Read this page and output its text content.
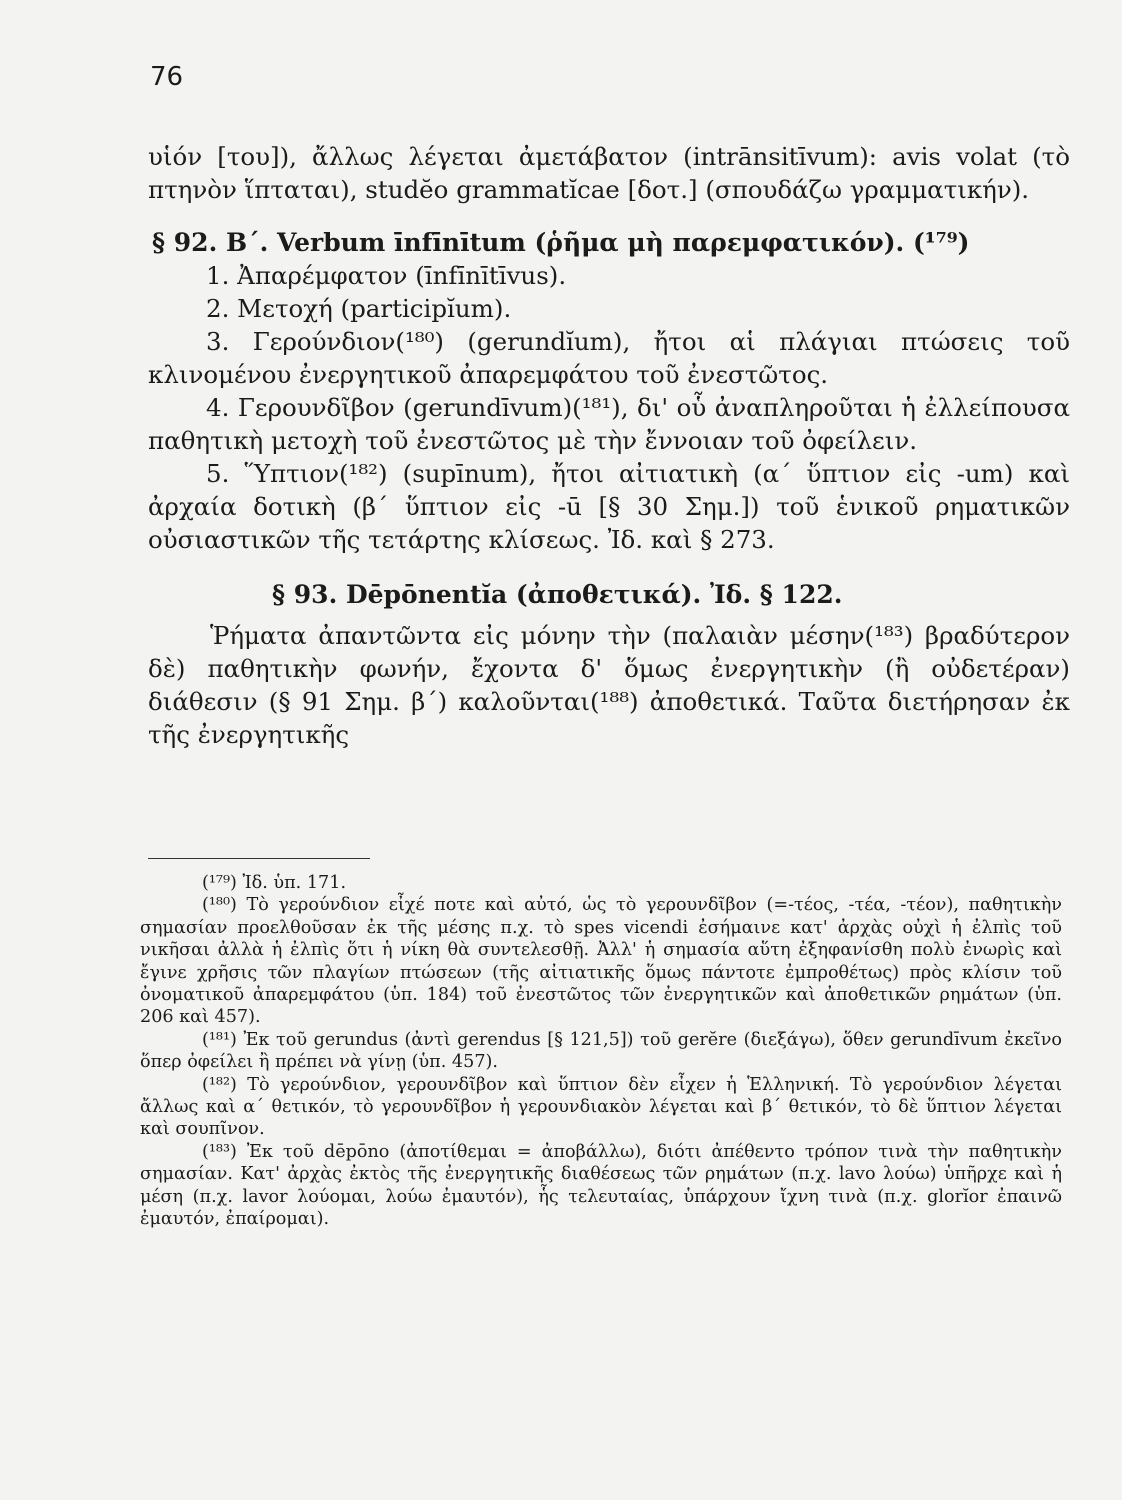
76

υἱόν [του]), ἄλλως λέγεται ἀμετάβατον (intrānsitīvum): avis volat (τὸ πτηνὸν ἵπταται), studĕo grammatĭcae [δοτ.] (σπουδάζω γραμματικήν).

§ 92. Β΄. Verbum īnfīnītum (ῥῆμα μὴ παρεμφατικόν). (¹⁷⁹)

1. Ἀπαρέμφατον (īnfīnītīvus).

2. Μετοχή (participĭum).

3. Γερούνδιον(¹⁸⁰) (gerundĭum), ἤτοι αἱ πλάγιαι πτώσεις τοῦ κλινομένου ἐνεργητικοῦ ἀπαρεμφάτου τοῦ ἐνεστῶτος.

4. Γερουνδῖβον (gerundīvum)(¹⁸¹), δι' οὗ ἀναπληροῦται ἡ ἐλλείπουσα παθητικὴ μετοχὴ τοῦ ἐνεστῶτος μὲ τὴν ἔννοιαν τοῦ ὀφείλειν.

5. Ὕπτιον(¹⁸²) (supīnum), ἤτοι αἰτιατικὴ (α΄ ὕπτιον εἰς -um) καὶ ἀρχαία δοτικὴ (β΄ ὕπτιον εἰς -ū [§ 30 Σημ.]) τοῦ ἑνικοῦ ρηματικῶν οὐσιαστικῶν τῆς τετάρτης κλίσεως. Ἰδ. καὶ § 273.

§ 93. Dēpōnentĭa (ἀποθετικά). Ἰδ. § 122.

Ῥήματα ἀπαντῶντα εἰς μόνην τὴν (παλαιὰν μέσην(¹⁸³) βραδύτερον δὲ) παθητικὴν φωνήν, ἔχοντα δ' ὅμως ἐνεργητικὴν (ἢ οὐδετέραν) διάθεσιν (§ 91 Σημ. β΄) καλοῦνται(¹⁸⁸) ἀποθετικά. Ταῦτα διετήρησαν ἐκ τῆς ἐνεργητικῆς

(¹⁷⁹) Ἰδ. ὑπ. 171.

(¹⁸⁰) Τὸ γερούνδιον εἶχέ ποτε καὶ αὐτό, ὡς τὸ γερουνδῖβον (=-τέος, -τέα, -τέον), παθητικὴν σημασίαν προελθοῦσαν ἐκ τῆς μέσης π.χ. τὸ spes vicendi ἐσήμαινε κατ' ἀρχὰς οὐχὶ ἡ ἐλπὶς τοῦ νικῆσαι ἀλλὰ ἡ ἐλπὶς ὅτι ἡ νίκη θὰ συντελεσθῇ. Ἀλλ' ἡ σημασία αὕτη ἐξηφανίσθη πολὺ ἐνωρὶς καὶ ἔγινε χρῆσις τῶν πλαγίων πτώσεων (τῆς αἰτιατικῆς ὅμως πάντοτε ἐμπροθέτως) πρὸς κλίσιν τοῦ ὀνοματικοῦ ἀπαρεμφάτου (ὑπ. 184) τοῦ ἐνεστῶτος τῶν ἐνεργητικῶν καὶ ἀποθετικῶν ρημάτων (ὑπ. 206 καὶ 457).

(¹⁸¹) Ἐκ τοῦ gerundus (ἀντὶ gerendus [§ 121,5]) τοῦ gerĕre (διεξάγω), ὅθεν gerundīvum ἐκεῖνο ὅπερ ὀφείλει ἢ πρέπει νὰ γίνῃ (ὑπ. 457).

(¹⁸²) Τὸ γερούνδιον, γερουνδῖβον καὶ ὕπτιον δὲν εἶχεν ἡ Ἑλληνική. Τὸ γερούνδιον λέγεται ἄλλως καὶ α΄ θετικόν, τὸ γερουνδῖβον ἡ γερουνδιακὸν λέγεται καὶ β΄ θετικόν, τὸ δὲ ὕπτιον λέγεται καὶ σουπῖνον.

(¹⁸³) Ἐκ τοῦ dēpōno (ἀποτίθεμαι = ἀποβάλλω), διότι ἀπέθεντο τρόπον τινὰ τὴν παθητικὴν σημασίαν. Κατ' ἀρχὰς ἐκτὸς τῆς ἐνεργητικῆς διαθέσεως τῶν ρημάτων (π.χ. lavo λούω) ὑπῆρχε καὶ ἡ μέση (π.χ. lavor λούομαι, λούω ἐμαυτόν), ἧς τελευταίας, ὑπάρχουν ἴχνη τινὰ (π.χ. glorĭor ἐπαινῶ ἐμαυτόν, ἐπαίρομαι).
